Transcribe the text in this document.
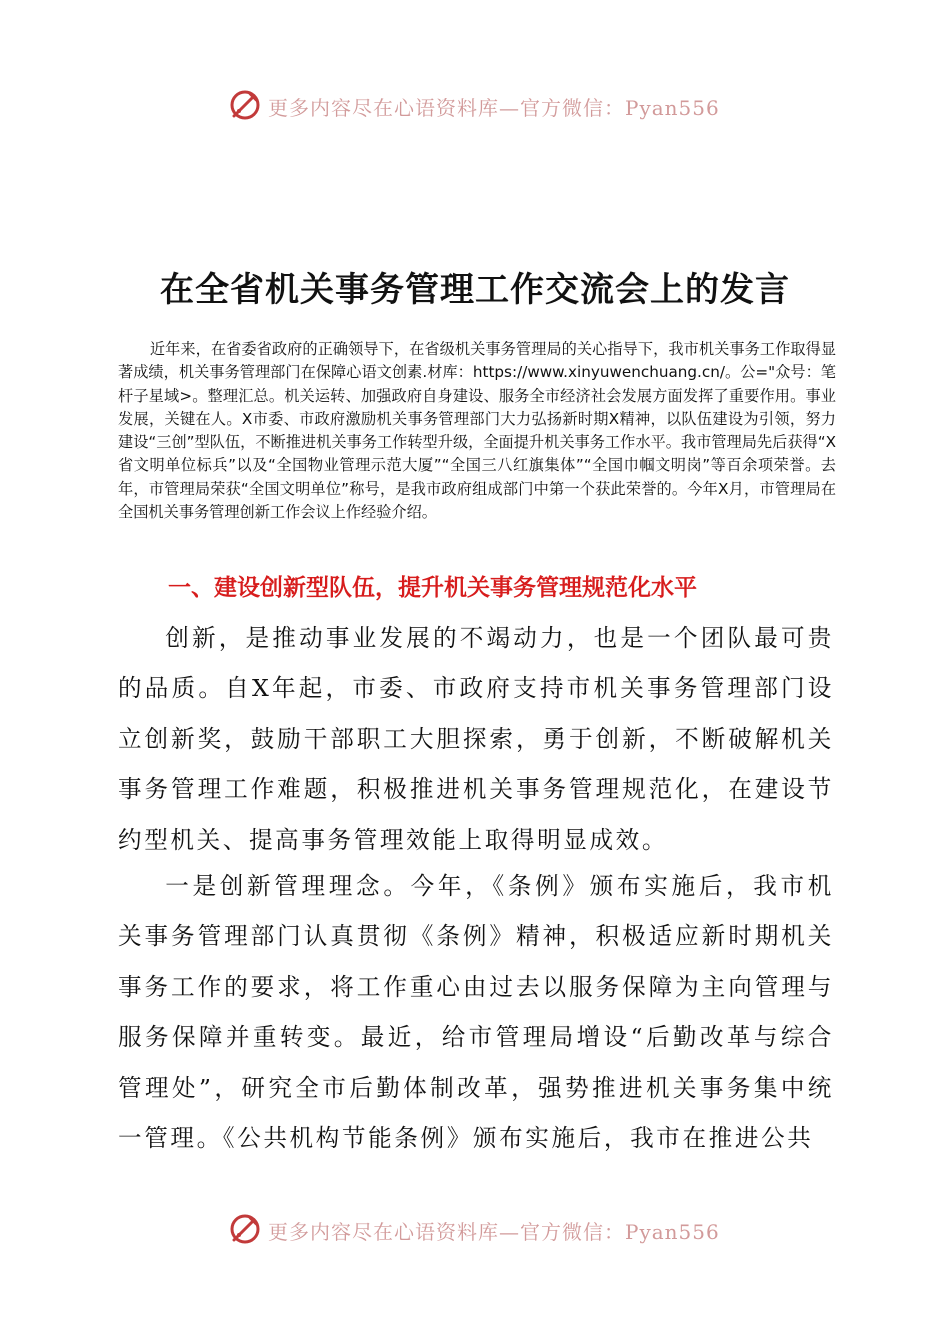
更多内容尽在心语资料库—官方微信：Pyan556
在全省机关事务管理工作交流会上的发言
近年来，在省委省政府的正确领导下，在省级机关事务管理局的关心指导下，我市机关事务工作取得显著成绩，机关事务管理部门在保障心语文创素.材库：https://www.xinyuwenchuang.cn/。公="众号：笔杆子星域>。整理汇总。机关运转、加强政府自身建设、服务全市经济社会发展方面发挥了重要作用。事业发展，关键在人。X市委、市政府激励机关事务管理部门大力弘扬新时期X精神，以队伍建设为引领，努力建设“三创”型队伍，不断推进机关事务工作转型升级，全面提升机关事务工作水平。我市管理局先后获得“X省文明单位标兵”以及“全国物业管理示范大厦”“全国三八红旗集体”“全国巾帼文明岗”等百余项荣誉。去年，市管理局荣获“全国文明单位”称号，是我市政府组成部门中第一个获此荣誉的。今年X月，市管理局在全国机关事务管理创新工作会议上作经验介绍。
一、建设创新型队伍，提升机关事务管理规范化水平
创新，是推动事业发展的不竭动力，也是一个团队最可贵的品质。自X年起，市委、市政府支持市机关事务管理部门设立创新奖，鼓励干部职工大胆探索，勇于创新，不断破解机关事务管理工作难题，积极推进机关事务管理规范化，在建设节约型机关、提高事务管理效能上取得明显成效。
一是创新管理理念。今年，《条例》颁布实施后，我市机关事务管理部门认真贯彻《条例》精神，积极适应新时期机关事务工作的要求，将工作重心由过去以服务保障为主向管理与服务保障并重转变。最近，给市管理局增设“后勤改革与综合管理处”，研究全市后勤体制改革，强势推进机关事务集中统一管理。《公共机构节能条例》颁布实施后，我市在推进公共
更多内容尽在心语资料库—官方微信：Pyan556
